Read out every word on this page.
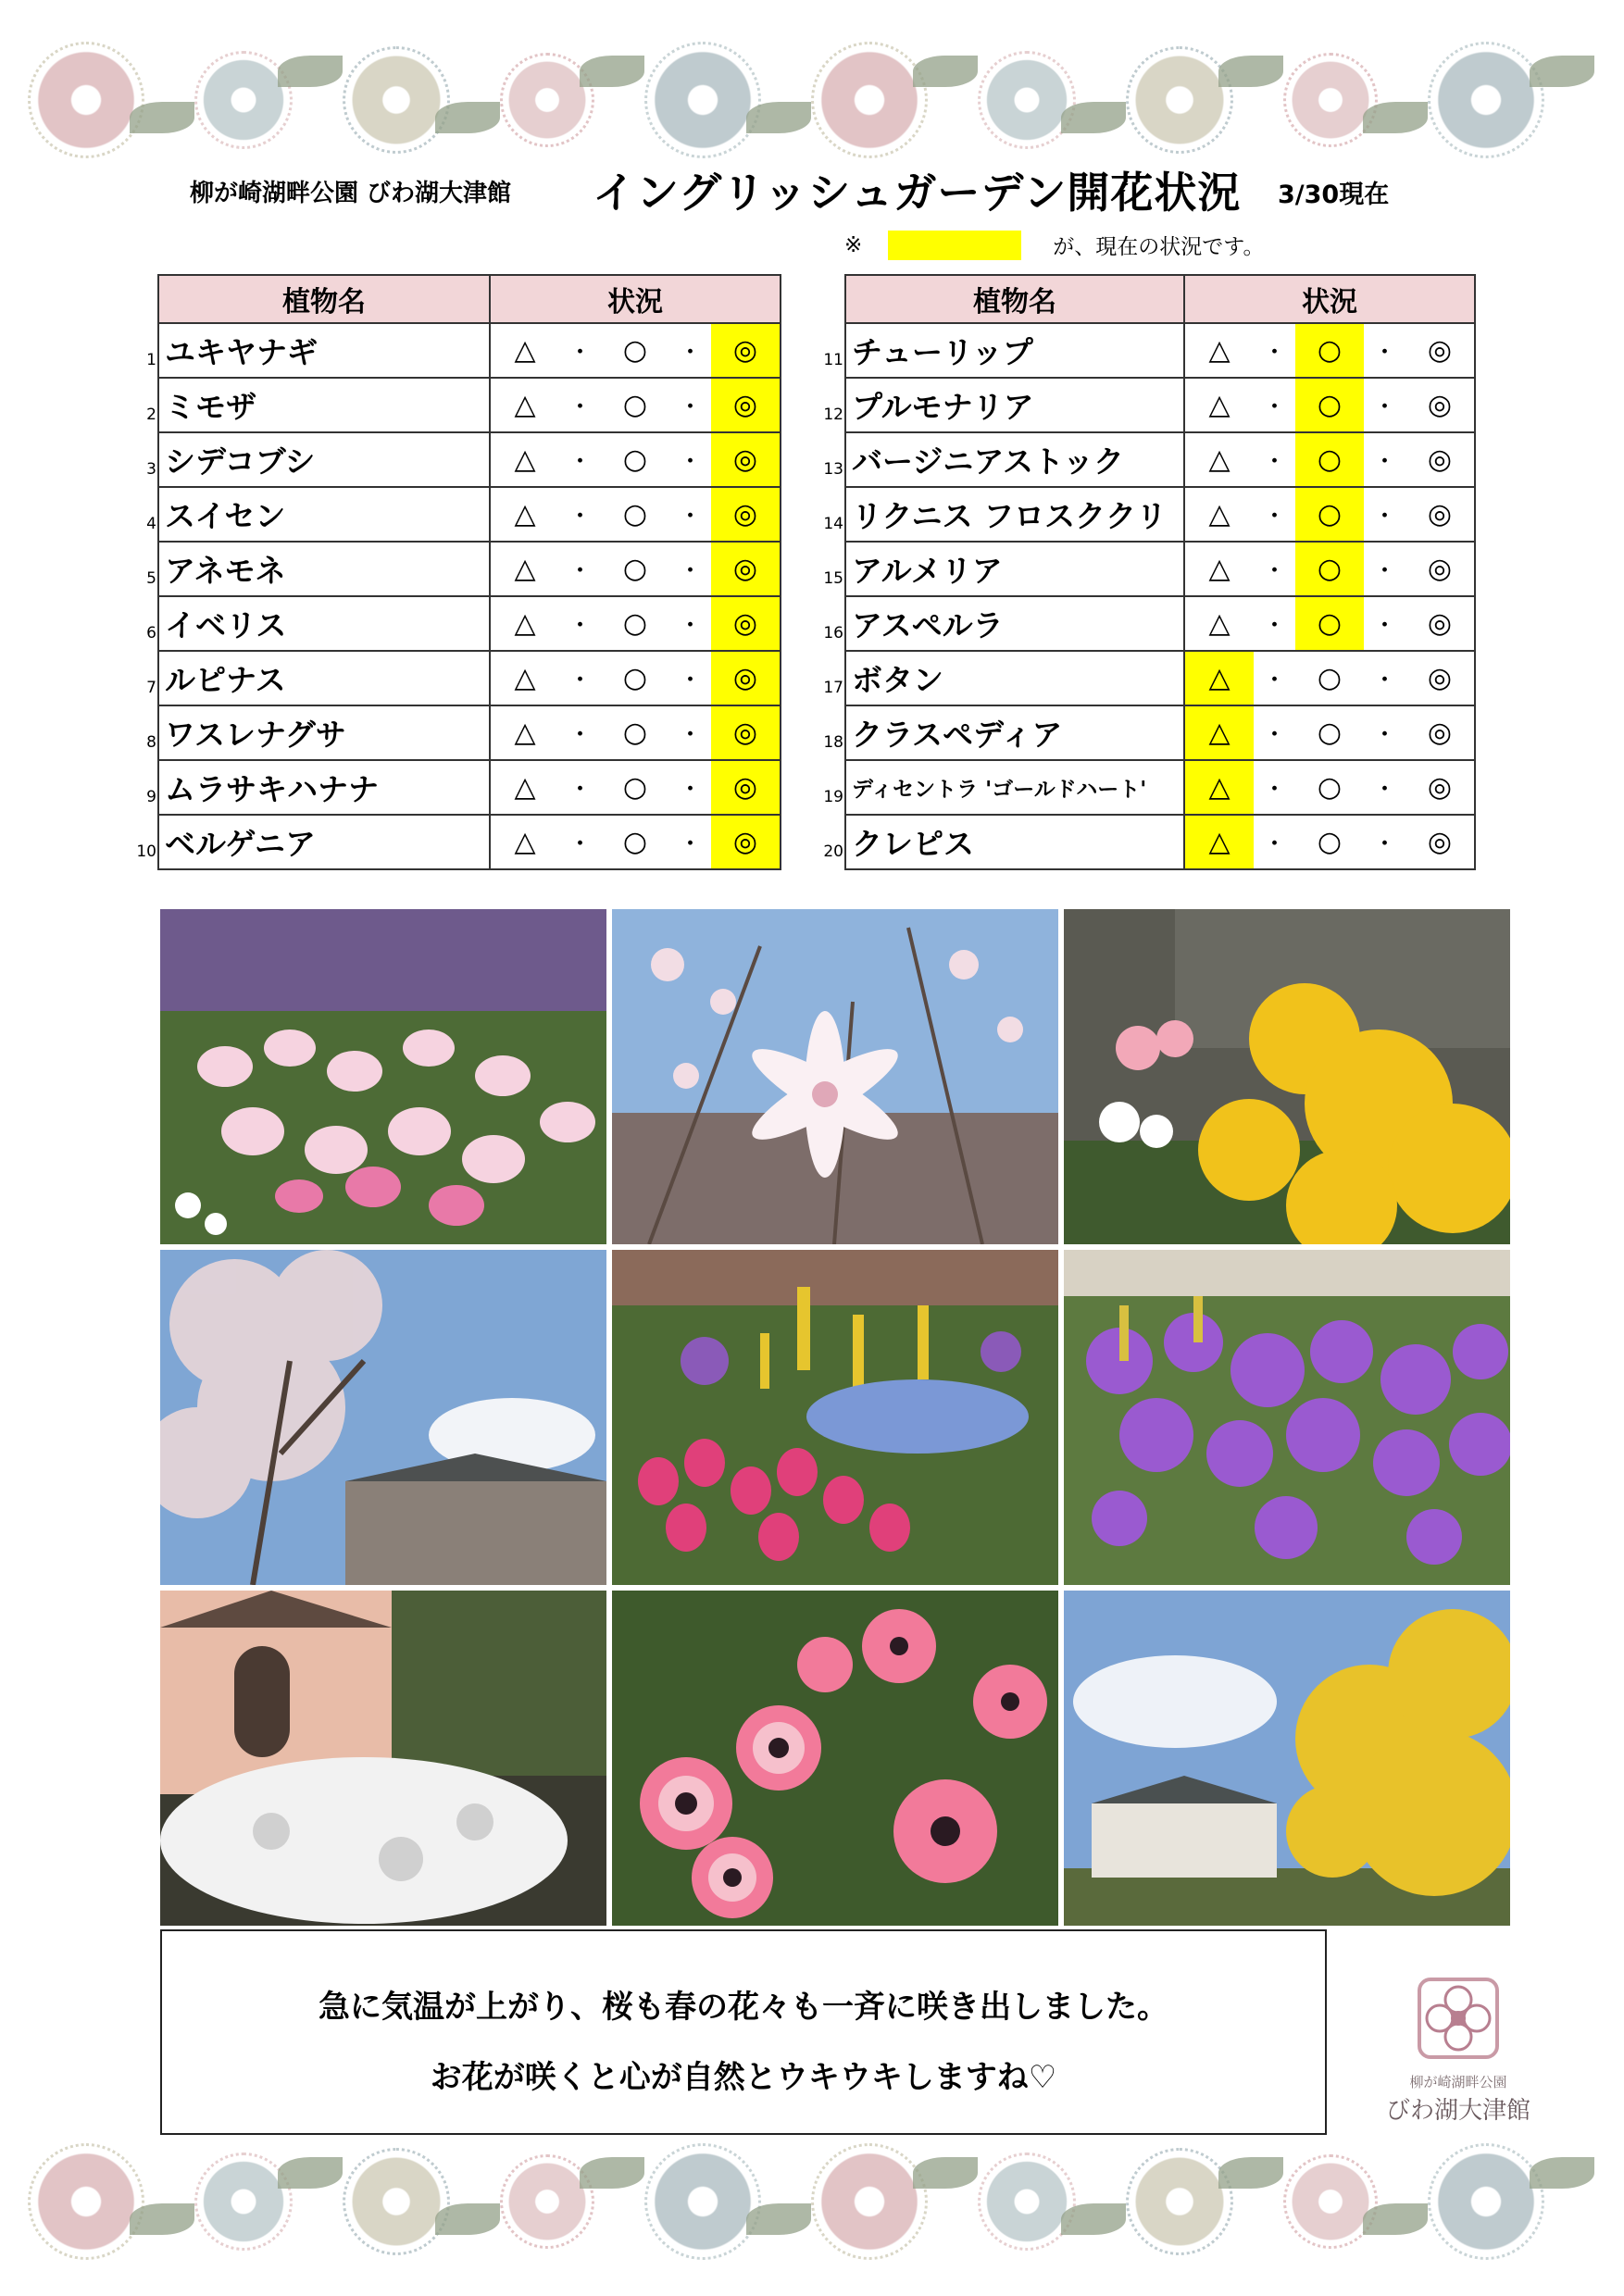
柳が崎湖畔公園 びわ湖大津館 イングリッシュガーデン開花状況 3/30現在
※	が、現在の状況です。
植物名	状況

1 ユキヤナギ	△ ・ ○ ・ ◎

2 ミモザ	△ ・ ○ ・ ◎

3 シデコブシ	△ ・ ○ ・ ◎

4 スイセン	△ ・ ○ ・ ◎

5 アネモネ	△ ・ ○ ・ ◎

6 イベリス	△ ・ ○ ・ ◎

7 ルピナス	△ ・ ○ ・ ◎

8 ワスレナグサ	△ ・ ○ ・ ◎

9 ムラサキハナナ	△ ・ ○ ・ ◎

10 ベルゲニア	△ ・ ○ ・ ◎
植物名	状況

11 チューリップ	△ ・ ○ ・ ◎

12 プルモナリア	△ ・ ○ ・ ◎

13 バージニアストック	△ ・ ○ ・ ◎

14 リクニス フロスククリ	△ ・ ○ ・ ◎

15 アルメリア	△ ・ ○ ・ ◎

16 アスペルラ	△ ・ ○ ・ ◎

17 ボタン	△ ・ ○ ・ ◎

18 クラスペディア	△ ・ ○ ・ ◎

19 ディセントラ 'ゴールドハート'	△ ・ ○ ・ ◎

20 クレピス	△ ・ ○ ・ ◎
急に気温が上がり、桜も春の花々も一斉に咲き出しました。
お花が咲くと心が自然とウキウキしますね♡	柳が崎湖畔公園
びわ湖大津館
